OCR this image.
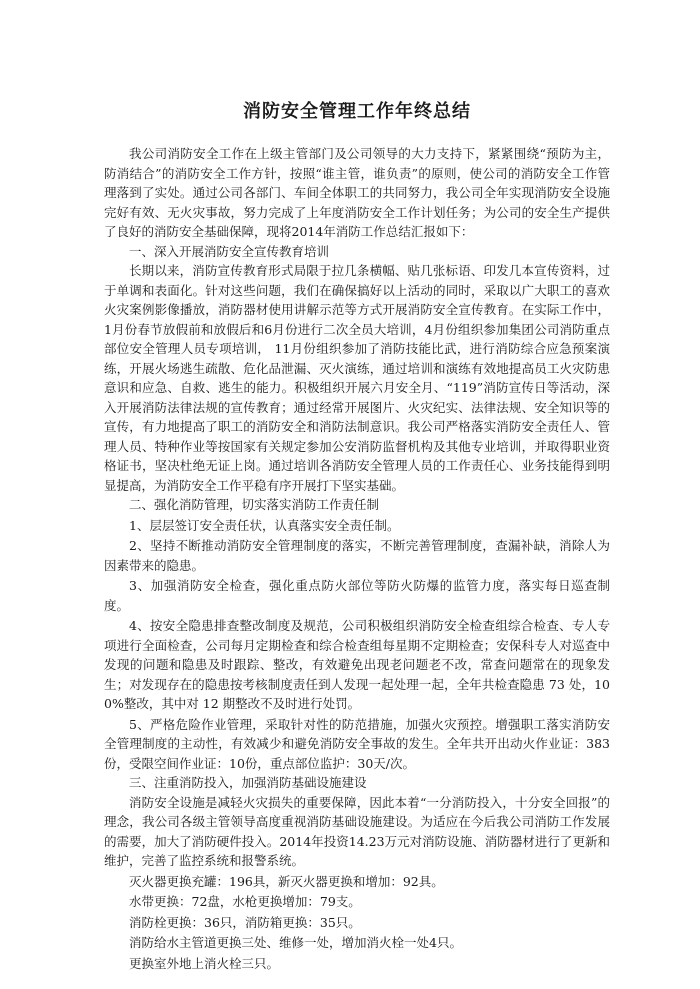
消防安全管理工作年终总结

我公司消防安全工作在上级主管部门及公司领导的大力支持下，紧紧围绕“预防为主，防消结合”的消防安全工作方针，按照“谁主管，谁负责”的原则，使公司的消防安全工作管理落到了实处。通过公司各部门、车间全体职工的共同努力，我公司全年实现消防安全设施完好有效、无火灾事故，努力完成了上年度消防安全工作计划任务；为公司的安全生产提供了良好的消防安全基础保障，现将2014年消防工作总结汇报如下：

一、深入开展消防安全宣传教育培训

长期以来，消防宣传教育形式局限于拉几条横幅、贴几张标语、印发几本宣传资料，过于单调和表面化。针对这些问题，我们在确保搞好以上活动的同时，采取以广大职工的喜欢火灾案例影像播放，消防器材使用讲解示范等方式开展消防安全宣传教育。在实际工作中，1月份春节放假前和放假后和6月份进行二次全员大培训，4月份组织参加集团公司消防重点部位安全管理人员专项培训， 11月份组织参加了消防技能比武，进行消防综合应急预案演练，开展火场逃生疏散、危化品泄漏、灭火演练，通过培训和演练有效地提高员工火灾防患意识和应急、自救、逃生的能力。积极组织开展六月安全月、“119”消防宣传日等活动，深入开展消防法律法规的宣传教育；通过经常开展图片、火灾纪实、法律法规、安全知识等的宣传，有力地提高了职工的消防安全和消防法制意识。我公司严格落实消防安全责任人、管理人员、特种作业等按国家有关规定参加公安消防监督机构及其他专业培训，并取得职业资格证书，坚决杜绝无证上岗。通过培训各消防安全管理人员的工作责任心、业务技能得到明显提高，为消防安全工作平稳有序开展打下坚实基础。

二、强化消防管理，切实落实消防工作责任制

1、层层签订安全责任状，认真落实安全责任制。

2、坚持不断推动消防安全管理制度的落实，不断完善管理制度，查漏补缺，消除人为因素带来的隐患。

3、加强消防安全检查，强化重点防火部位等防火防爆的监管力度，落实每日巡查制度。

4、按安全隐患排查整改制度及规范，公司积极组织消防安全检查组综合检查、专人专项进行全面检查，公司每月定期检查和综合检查组每星期不定期检查；安保科专人对巡查中发现的问题和隐患及时跟踪、整改，有效避免出现老问题老不改，常查问题常在的现象发生；对发现存在的隐患按考核制度责任到人发现一起处理一起，全年共检查隐患 73 处，100%整改，其中对 12 期整改不及时进行处罚。

5、严格危险作业管理，采取针对性的防范措施，加强火灾预控。增强职工落实消防安全管理制度的主动性，有效减少和避免消防安全事故的发生。全年共开出动火作业证：383份，受限空间作业证：10份，重点部位监护：30天/次。

三、注重消防投入，加强消防基础设施建设

消防安全设施是减轻火灾损失的重要保障，因此本着“一分消防投入，十分安全回报”的理念，我公司各级主管领导高度重视消防基础设施建设。为适应在今后我公司消防工作发展的需要，加大了消防硬件投入。2014年投资14.23万元对消防设施、消防器材进行了更新和维护，完善了监控系统和报警系统。

灭火器更换充罐：196具，新灭火器更换和增加：92具。

水带更换：72盘，水枪更换增加：79支。

消防栓更换：36只，消防箱更换：35只。

消防给水主管道更换三处、维修一处，增加消火栓一处4只。

更换室外地上消火栓三只。
